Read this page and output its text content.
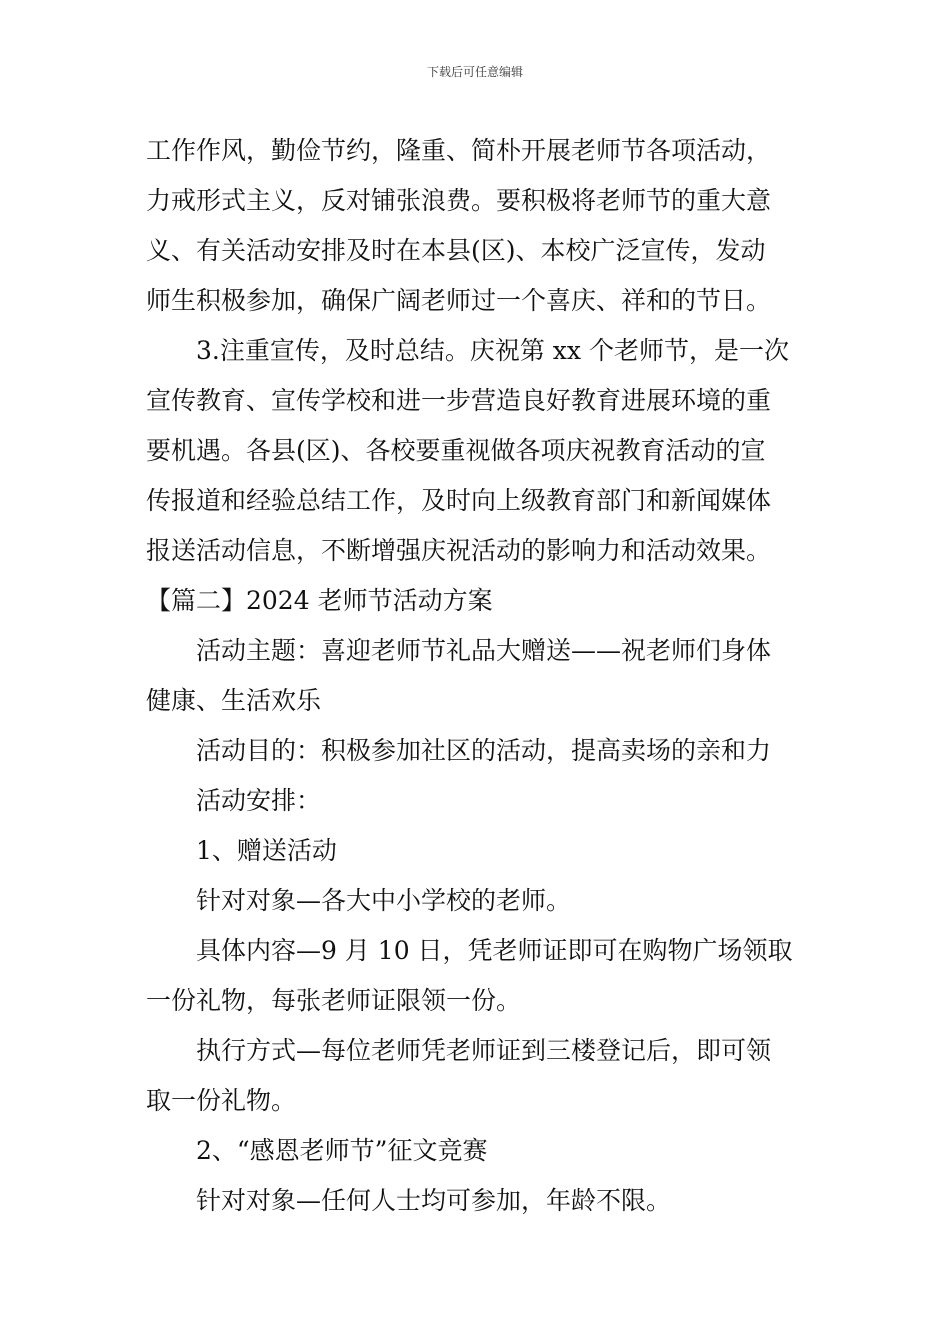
下载后可任意编辑
工作作风，勤俭节约，隆重、简朴开展老师节各项活动，
力戒形式主义，反对铺张浪费。要积极将老师节的重大意
义、有关活动安排及时在本县(区)、本校广泛宣传，发动
师生积极参加，确保广阔老师过一个喜庆、祥和的节日。
3.注重宣传，及时总结。庆祝第 xx 个老师节，是一次
宣传教育、宣传学校和进一步营造良好教育进展环境的重
要机遇。各县(区)、各校要重视做各项庆祝教育活动的宣
传报道和经验总结工作，及时向上级教育部门和新闻媒体
报送活动信息，不断增强庆祝活动的影响力和活动效果。
【篇二】2024 老师节活动方案
活动主题：喜迎老师节礼品大赠送——祝老师们身体
健康、生活欢乐
活动目的：积极参加社区的活动，提高卖场的亲和力
活动安排：
1、赠送活动
针对对象—各大中小学校的老师。
具体内容—9 月 10 日，凭老师证即可在购物广场领取
一份礼物，每张老师证限领一份。
执行方式—每位老师凭老师证到三楼登记后，即可领
取一份礼物。
2、“感恩老师节”征文竞赛
针对对象—任何人士均可参加，年龄不限。
